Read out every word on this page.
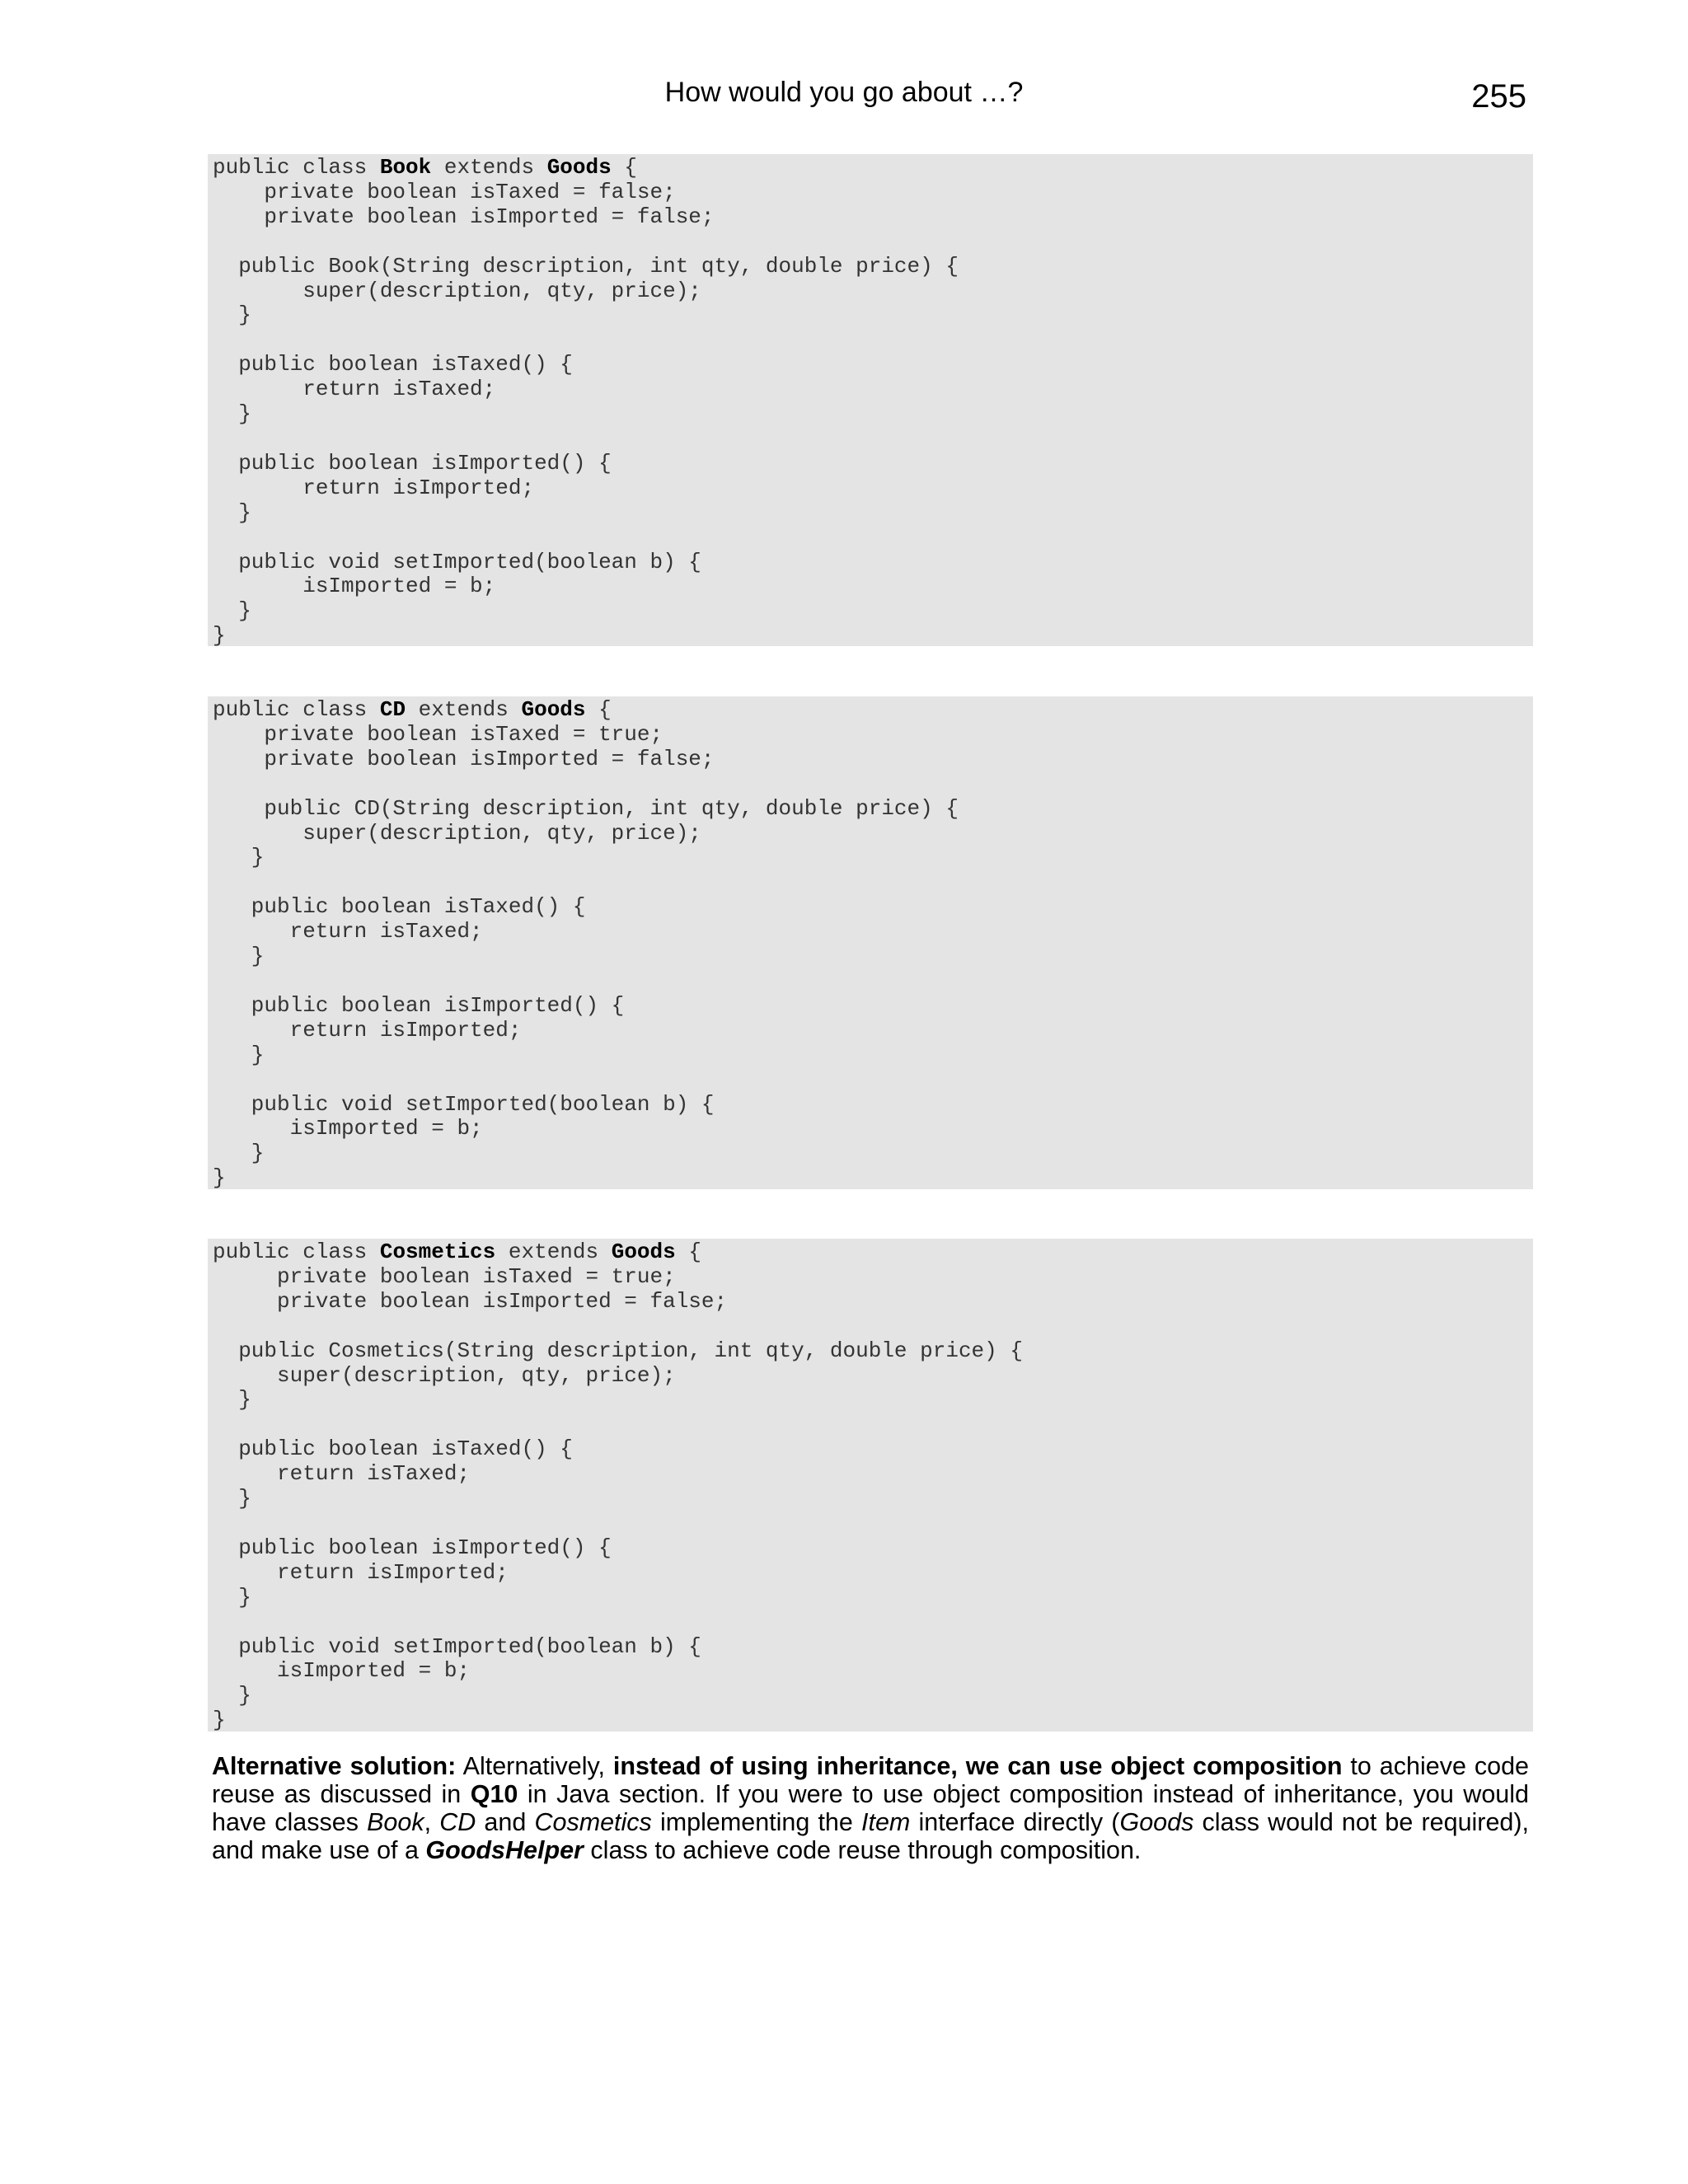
How would you go about …?	255
public class Book extends Goods {
private boolean isTaxed = false;
private boolean isImported = false;

public Book(String description, int qty, double price) {
super(description, qty, price);
}

public boolean isTaxed() {
return isTaxed;
}

public boolean isImported() {
return isImported;
}

public void setImported(boolean b) {
isImported = b;
}
}
public class CD extends Goods {
private boolean isTaxed = true;
private boolean isImported = false;

public CD(String description, int qty, double price) {
super(description, qty, price);
}

public boolean isTaxed() {
return isTaxed;
}

public boolean isImported() {
return isImported;
}

public void setImported(boolean b) {
isImported = b;
}
}
public class Cosmetics extends Goods {
private boolean isTaxed = true;
private boolean isImported = false;

public Cosmetics(String description, int qty, double price) {
super(description, qty, price);
}

public boolean isTaxed() {
return isTaxed;
}

public boolean isImported() {
return isImported;
}

public void setImported(boolean b) {
isImported = b;
}
}
Alternative solution: Alternatively, instead of using inheritance, we can use object composition to achieve code reuse as discussed in Q10 in Java section. If you were to use object composition instead of inheritance, you would have classes Book, CD and Cosmetics implementing the Item interface directly (Goods class would not be required), and make use of a GoodsHelper class to achieve code reuse through composition.
